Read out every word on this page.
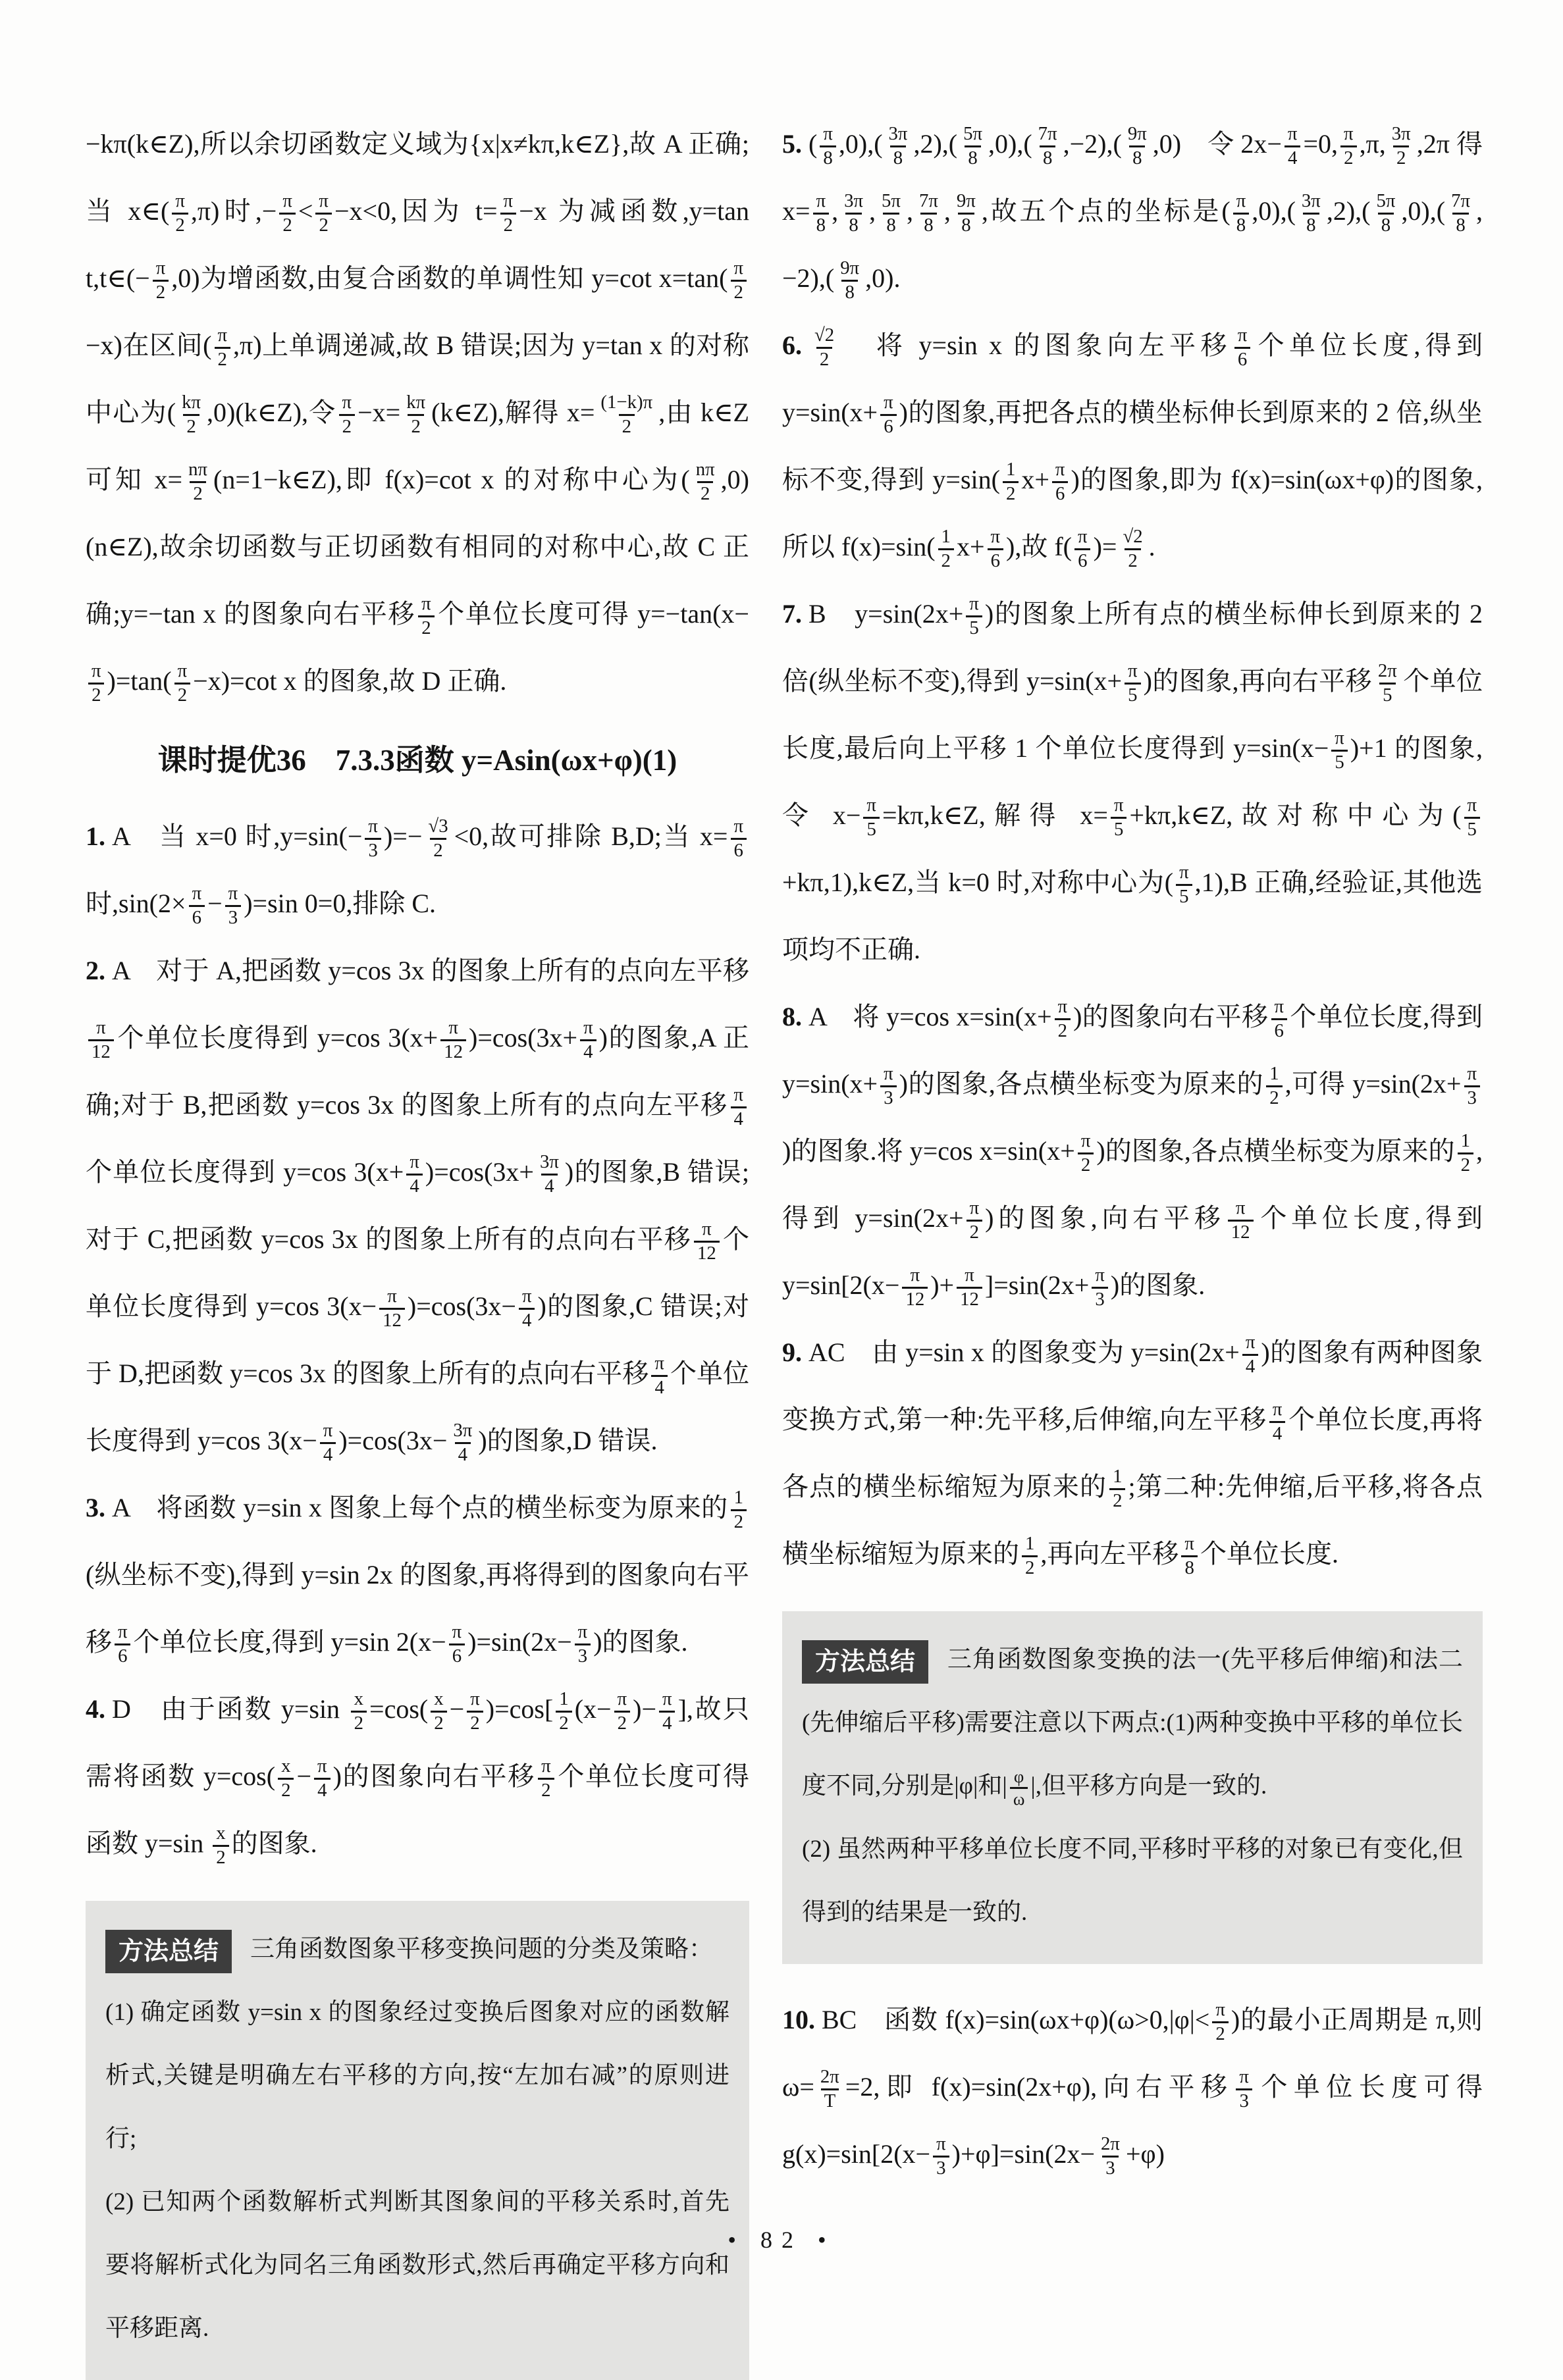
−kπ(k∈Z),所以余切函数定义域为{x|x≠kπ,k∈Z},故 A 正确;当 x∈( $\frac{\pi}{2} ,\pi$)时,− $\frac{\pi}{2} < \frac{\pi}{2} -x<0$,因为 $t= \frac{\pi}{2} -x$ 为减函数,y=tan t,t∈(− $\frac{\pi}{2} ,0$)为增函数,由复合函数的单调性知 y=cot $x=\tan( \frac{\pi}{2}$
−x)在区间( $\frac{\pi}{2} ,\pi$)上单调递减,故 B 错误;因为 y=tan x 的对称中心为( $\frac{k\pi}{2}$ ,0)(k∈Z),令 $\frac{\pi}{2} -x= \frac{k\pi}{2}$ (k∈Z),解得 $x= \frac{(1-k)\pi}{2}$ ,由 k∈Z 可知 $x= \frac{n\pi}{2}$ (n=1−k∈Z),即 f(x)=cot x 的对称中心为( $\frac{n\pi}{2}$ ,0)(n∈Z),故余切函数与正切函数有相同的对称中心,故 C 正确;y=−tan x 的图象向右平移 $\frac{\pi}{2}$ 个单位长度可得 y=−tan(x−
$\frac{\pi}{2} )=\tan( \frac{\pi}{2} -x)=\cot$ x 的图象,故 D 正确.

课时提优36　7.3.3函数 y=Asin(ωx+φ)(1)

1. A　当 x=0 时$,y=\sin(- \frac{\pi}{3}$ )=− $\frac{√3}{2} <0$,故可排除 B,D;当 $x= \frac{\pi}{6}$
时$,\sin(2\times \frac{\pi}{6} - \frac{\pi}{3} )=\sin$ 0=0,排除 C.

2. A　对于 A,把函数 y=cos 3x 的图象上所有的点向左平移
$\frac{\pi}{12}$ 个单位长度得到 y=cos $3(x+ \frac{\pi}{12} )=\cos(3x+ \frac{\pi}{4}$ )的图象,A 正确;对于 B,把函数 y=cos 3x 的图象上所有的点向左平移 $\frac{\pi}{4}$
个单位长度得到 y=cos $3(x+ \frac{\pi}{4} )=\cos(3x+ \frac{3\pi}{4}$ )的图象,B 错误;对于 C,把函数 y=cos 3x 的图象上所有的点向右平移 $\frac{\pi}{12}$ 个单位长度得到 y=cos $3(x- \frac{\pi}{12} )=\cos(3x- \frac{\pi}{4}$ )的图象,C 错误;对于 D,把函数 y=cos 3x 的图象上所有的点向右平移 $\frac{\pi}{4}$ 个单位长度得到 y=cos $3(x- \frac{\pi}{4} )=\cos(3x- \frac{3\pi}{4}$ )的图象,D 错误.

3. A　将函数 y=sin x 图象上每个点的横坐标变为原来的 $\frac{1}{2}$
(纵坐标不变),得到 y=sin 2x 的图象,再将得到的图象向右平移 $\frac{\pi}{6}$ 个单位长度,得到 y=sin $2(x- \frac{\pi}{6} )=\sin(2x- \frac{\pi}{3}$ )的图象.

4. D　由于函数 $y=\sin \frac{x}{2} =\cos( \frac{x}{2} - \frac{\pi}{2} )=\cos[ \frac{1}{2} (x- \frac{\pi}{2}$ )− $\frac{\pi}{4}$ ],故只需将函数 $y=\cos( \frac{x}{2} - \frac{\pi}{4}$ )的图象向右平移 $\frac{\pi}{2}$ 个单位长度可得函数 $y=\sin \frac{x}{2}$ 的图象.

方法总结 三角函数图象平移变换问题的分类及策略：

(1) 确定函数 y=sin x 的图象经过变换后图象对应的函数解析式,关键是明确左右平移的方向,按“左加右减”的原则进行;

(2) 已知两个函数解析式判断其图象间的平移关系时,首先要将解析式化为同名三角函数形式,然后再确定平移方向和平移距离.

5. ( $\frac{\pi}{8} ,0),( \frac{3\pi}{8} ,2),( \frac{5\pi}{8} ,0),( \frac{7\pi}{8} ,-2),( \frac{9\pi}{8} ,0)$　令 $2x- \frac{\pi}{4} =0$, $\frac{\pi}{2} ,\pi$, $\frac{3\pi}{2} ,2\pi$ 得 $x= \frac{\pi}{8}$ , $\frac{3\pi}{8}$ , $\frac{5\pi}{8}$ , $\frac{7\pi}{8}$ , $\frac{9\pi}{8}$ ,故五个点的坐标是( $\frac{\pi}{8} ,0),( \frac{3\pi}{8} ,2),( \frac{5\pi}{8} ,0),( \frac{7\pi}{8} ,-2),( \frac{9\pi}{8} ,0)$.

6. $\frac{√2}{2}$ 　将 y=sin x 的图象向左平移 $\frac{\pi}{6}$ 个单位长度,得到 $y=\sin(x+ \frac{\pi}{6}$ )的图象,再把各点的横坐标伸长到原来的 2 倍,纵坐标不变,得到 $y=\sin( \frac{1}{2} x+ \frac{\pi}{6}$ )的图象,即为 f(x)=sin(ωx+φ)的图象,所以 $f(x)=\sin( \frac{1}{2} x+ \frac{\pi}{6}$ ),故 $f( \frac{\pi}{6}$ )= $\frac{√2}{2}$ .

7. B　$y=\sin(2x+ \frac{\pi}{5}$ )的图象上所有点的横坐标伸长到原来的 2 倍(纵坐标不变),得到 $y=\sin(x+ \frac{\pi}{5}$ )的图象,再向右平移 $\frac{2\pi}{5}$ 个单位长度,最后向上平移 1 个单位长度得到 $y=\sin(x- \frac{\pi}{5} )+1$ 的图象,令 $x- \frac{\pi}{5}$ =kπ,k∈Z,解得 $x= \frac{\pi}{5}$ +kπ,k∈Z,故对称中心为( $\frac{\pi}{5}$
+kπ,1),k∈Z,当 k=0 时,对称中心为( $\frac{\pi}{5} ,1),B$ 正确,经验证,其他选项均不正确.

8. A　将 y=cos $x=\sin(x+ \frac{\pi}{2}$ )的图象向右平移 $\frac{\pi}{6}$ 个单位长度,得到 $y=\sin(x+ \frac{\pi}{3}$ )的图象,各点横坐标变为原来的 $\frac{1}{2}$ ,可得 $y=\sin(2x+ \frac{\pi}{3}$
)的图象.将 y=cos $x=\sin(x+ \frac{\pi}{2}$ )的图象,各点横坐标变为原来的 $\frac{1}{2}$ ,得到 $y=\sin(2x+ \frac{\pi}{2}$ )的图象,向右平移 $\frac{\pi}{12}$ 个单位长度,得到 $y=\sin[2(x- \frac{\pi}{12}$ )+ $\frac{\pi}{12} ]=\sin(2x+ \frac{\pi}{3}$ )的图象.

9. AC　由 y=sin x 的图象变为 $y=\sin(2x+ \frac{\pi}{4}$ )的图象有两种图象变换方式,第一种:先平移,后伸缩,向左平移 $\frac{\pi}{4}$ 个单位长度,再将各点的横坐标缩短为原来的 $\frac{1}{2}$ ;第二种:先伸缩,后平移,将各点横坐标缩短为原来的 $\frac{1}{2}$ ,再向左平移 $\frac{\pi}{8}$ 个单位长度.

方法总结 三角函数图象变换的法一(先平移后伸缩)和法二(先伸缩后平移)需要注意以下两点:(1)两种变换中平移的单位长度不同,分别是|φ|和| $\frac{\varphi}{\omega}$ |,但平移方向是一致的.

(2) 虽然两种平移单位长度不同,平移时平移的对象已有变化,但得到的结果是一致的.

10. BC　函数 $f(x)=\sin(\omega x+\varphi)(\omega>0,|\varphi|< \frac{\pi}{2}$ )的最小正周期是 π,则 $\omega= \frac{2\pi}{T} =2$,即 f(x)=sin(2x+φ),向右平移 $\frac{\pi}{3}$ 个单位长度可得 $g(x)=\sin[2(x- \frac{\pi}{3} )+\varphi]=\sin(2x- \frac{2\pi}{3} +\varphi)$

• 82 •
